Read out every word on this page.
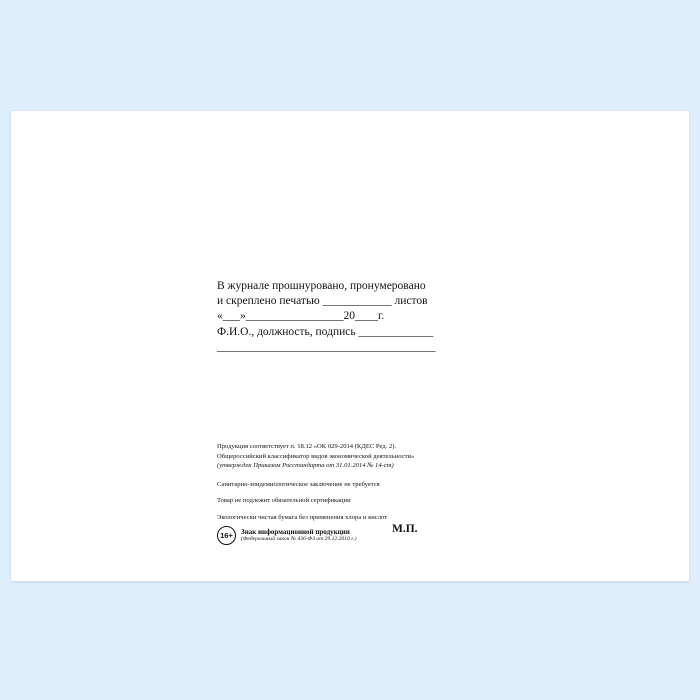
В журнале прошнуровано, пронумеровано
и скреплено печатью ____________ листов
«___»_________________20____г.
Ф.И.О., должность, подпись _____________
______________________________________
М.П.
Продукция соответствует п. 18.12 «ОК 029-2014 (КДЕС Ред. 2).
Общероссийский классификатор видов экономической деятельности»
(утвержден Приказом Росстандарта от 31.01.2014 № 14-ст)
Санитарно-эпидемиологическое заключение не требуется
Товар не подлежит обязательной сертификации
Экологически чистая бумага без применения хлора и кислот
16+	Знак информационной продукции
(Федеральный закон № 436-ФЗ от 29.12.2010 г.)
